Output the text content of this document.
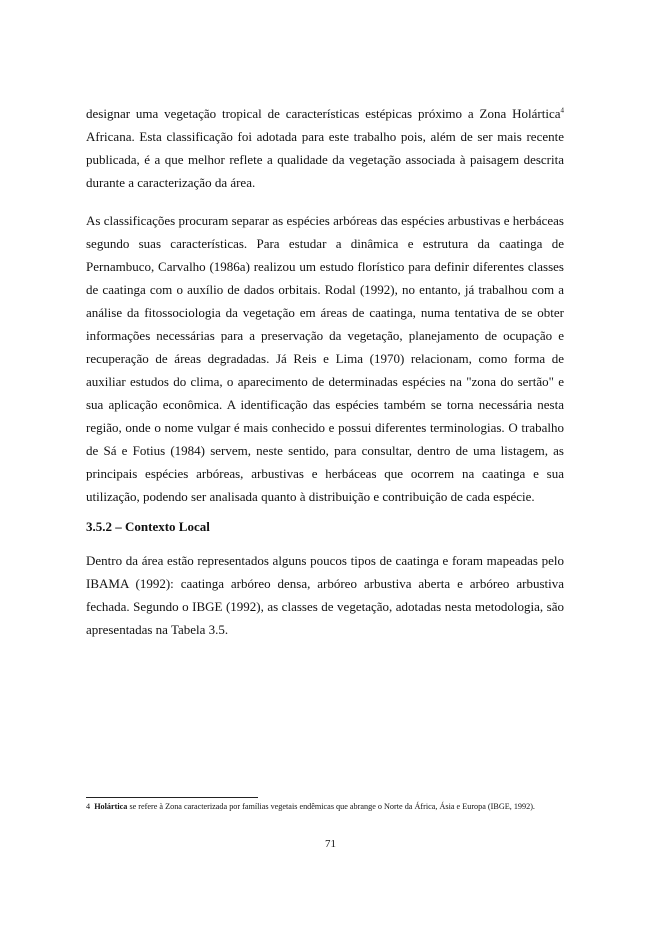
designar uma vegetação tropical de características estépicas próximo a Zona Holártica$^4$ Africana. Esta classificação foi adotada para este trabalho pois, além de ser mais recente publicada, é a que melhor reflete a qualidade da vegetação associada à paisagem descrita durante a caracterização da área.

As classificações procuram separar as espécies arbóreas das espécies arbustivas e herbáceas segundo suas características. Para estudar a dinâmica e estrutura da caatinga de Pernambuco, Carvalho (1986a) realizou um estudo florístico para definir diferentes classes de caatinga com o auxílio de dados orbitais. Rodal (1992), no entanto, já trabalhou com a análise da fitossociologia da vegetação em áreas de caatinga, numa tentativa de se obter informações necessárias para a preservação da vegetação, planejamento de ocupação e recuperação de áreas degradadas. Já Reis e Lima (1970) relacionam, como forma de auxiliar estudos do clima, o aparecimento de determinadas espécies na "zona do sertão" e sua aplicação econômica. A identificação das espécies também se torna necessária nesta região, onde o nome vulgar é mais conhecido e possui diferentes terminologias. O trabalho de Sá e Fotius (1984) servem, neste sentido, para consultar, dentro de uma listagem, as principais espécies arbóreas, arbustivas e herbáceas que ocorrem na caatinga e sua utilização, podendo ser analisada quanto à distribuição e contribuição de cada espécie.

3.5.2 – Contexto Local

Dentro da área estão representados alguns poucos tipos de caatinga e foram mapeadas pelo IBAMA (1992): caatinga arbóreo densa, arbóreo arbustiva aberta e arbóreo arbustiva fechada. Segundo o IBGE (1992), as classes de vegetação, adotadas nesta metodologia, são apresentadas na Tabela 3.5.

4 Holártica se refere à Zona caracterizada por famílias vegetais endêmicas que abrange o Norte da África, Ásia e Europa (IBGE, 1992).

71
